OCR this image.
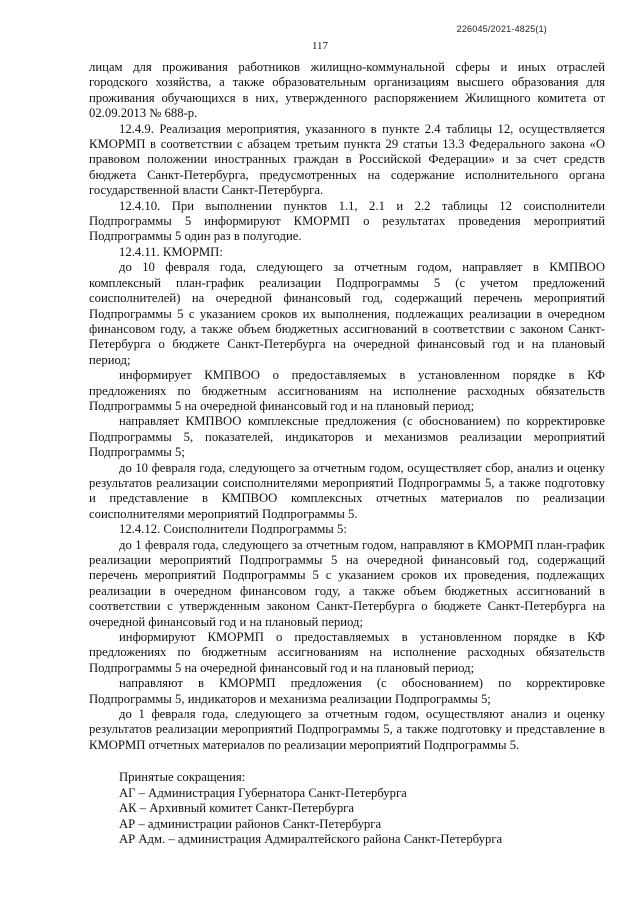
226045/2021-4825(1)
117

лицам для проживания работников жилищно-коммунальной сферы и иных отраслей городского хозяйства, а также образовательным организациям высшего образования для проживания обучающихся в них, утвержденного распоряжением Жилищного комитета от 02.09.2013 № 688-р.

12.4.9. Реализация мероприятия, указанного в пункте 2.4 таблицы 12, осуществляется КМОРМП в соответствии с абзацем третьим пункта 29 статьи 13.3 Федерального закона «О правовом положении иностранных граждан в Российской Федерации» и за счет средств бюджета Санкт-Петербурга, предусмотренных на содержание исполнительного органа государственной власти Санкт-Петербурга.

12.4.10. При выполнении пунктов 1.1, 2.1 и 2.2 таблицы 12 соисполнители Подпрограммы 5 информируют КМОРМП о результатах проведения мероприятий Подпрограммы 5 один раз в полугодие.

12.4.11. КМОРМП:

до 10 февраля года, следующего за отчетным годом, направляет в КМПВОО комплексный план-график реализации Подпрограммы 5 (с учетом предложений соисполнителей) на очередной финансовый год, содержащий перечень мероприятий Подпрограммы 5 с указанием сроков их выполнения, подлежащих реализации в очередном финансовом году, а также объем бюджетных ассигнований в соответствии с законом Санкт-Петербурга о бюджете Санкт-Петербурга на очередной финансовый год и на плановый период;

информирует КМПВОО о предоставляемых в установленном порядке в КФ предложениях по бюджетным ассигнованиям на исполнение расходных обязательств Подпрограммы 5 на очередной финансовый год и на плановый период;

направляет КМПВОО комплексные предложения (с обоснованием) по корректировке Подпрограммы 5, показателей, индикаторов и механизмов реализации мероприятий Подпрограммы 5;

до 10 февраля года, следующего за отчетным годом, осуществляет сбор, анализ и оценку результатов реализации соисполнителями мероприятий Подпрограммы 5, а также подготовку и представление в КМПВОО комплексных отчетных материалов по реализации соисполнителями мероприятий Подпрограммы 5.

12.4.12. Соисполнители Подпрограммы 5:

до 1 февраля года, следующего за отчетным годом, направляют в КМОРМП план-график реализации мероприятий Подпрограммы 5 на очередной финансовый год, содержащий перечень мероприятий Подпрограммы 5 с указанием сроков их проведения, подлежащих реализации в очередном финансовом году, а также объем бюджетных ассигнований в соответствии с утвержденным законом Санкт-Петербурга о бюджете Санкт-Петербурга на очередной финансовый год и на плановый период;

информируют КМОРМП о предоставляемых в установленном порядке в КФ предложениях по бюджетным ассигнованиям на исполнение расходных обязательств Подпрограммы 5 на очередной финансовый год и на плановый период;

направляют в КМОРМП предложения (с обоснованием) по корректировке Подпрограммы 5, индикаторов и механизма реализации Подпрограммы 5;

до 1 февраля года, следующего за отчетным годом, осуществляют анализ и оценку результатов реализации мероприятий Подпрограммы 5, а также подготовку и представление в КМОРМП отчетных материалов по реализации мероприятий Подпрограммы 5.

Принятые сокращения:

АГ – Администрация Губернатора Санкт-Петербурга

АК – Архивный комитет Санкт-Петербурга

АР – администрации районов Санкт-Петербурга

АР Адм. – администрация Адмиралтейского района Санкт-Петербурга
